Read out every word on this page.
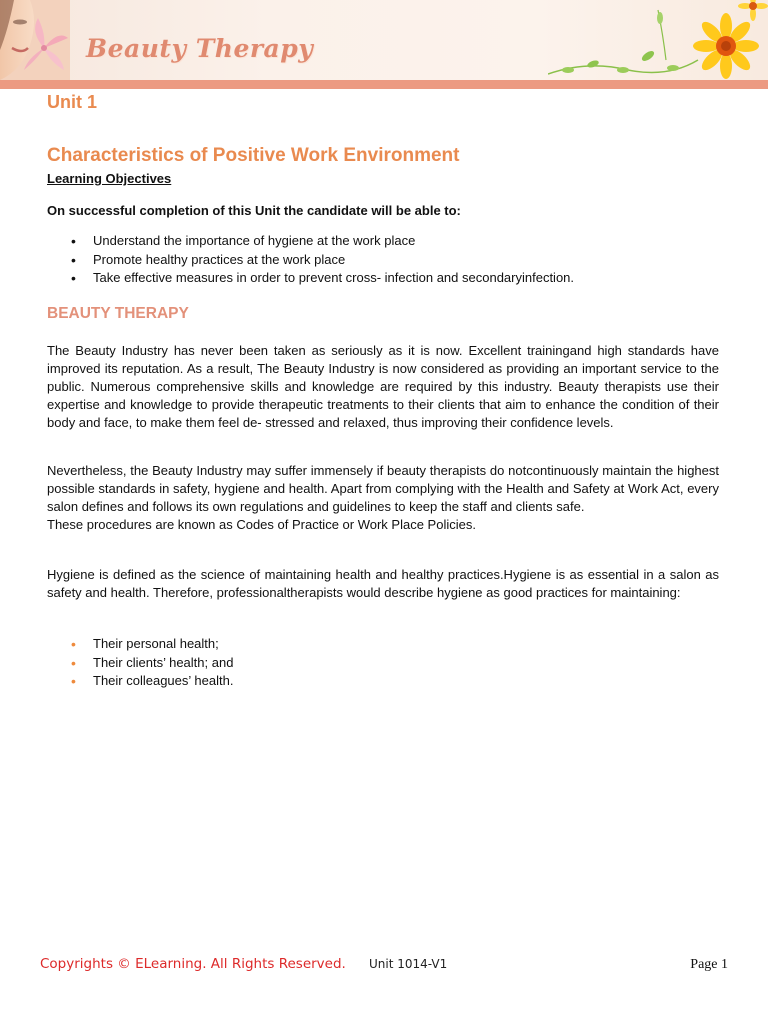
Beauty Therapy
Unit 1
Characteristics of Positive Work Environment
Learning Objectives
On successful completion of this Unit the candidate will be able to:
• Understand the importance of hygiene at the work place
• Promote healthy practices at the work place
• Take effective measures in order to prevent cross- infection and secondaryinfection.
BEAUTY THERAPY

The Beauty Industry has never been taken as seriously as it is now. Excellent trainingand high standards have improved its reputation. As a result, The Beauty Industry is now considered as providing an important service to the public. Numerous comprehensive skills and knowledge are required by this industry. Beauty therapists use their expertise and knowledge to provide therapeutic treatments to their clients that aim to enhance the condition of their body and face, to make them feel de- stressed and relaxed, thus improving their confidence levels.

Nevertheless, the Beauty Industry may suffer immensely if beauty therapists do notcontinuously maintain the highest possible standards in safety, hygiene and health. Apart from complying with the Health and Safety at Work Act, every salon defines and follows its own regulations and guidelines to keep the staff and clients safe.
These procedures are known as Codes of Practice or Work Place Policies.

Hygiene is defined as the science of maintaining health and healthy practices.Hygiene is as essential in a salon as safety and health. Therefore, professionaltherapists would describe hygiene as good practices for maintaining:

• Their personal health;
• Their clients’ health; and
• Their colleagues’ health.
Copyrights © ELearning. All Rights Reserved. Unit 1014-V1	Page 1
